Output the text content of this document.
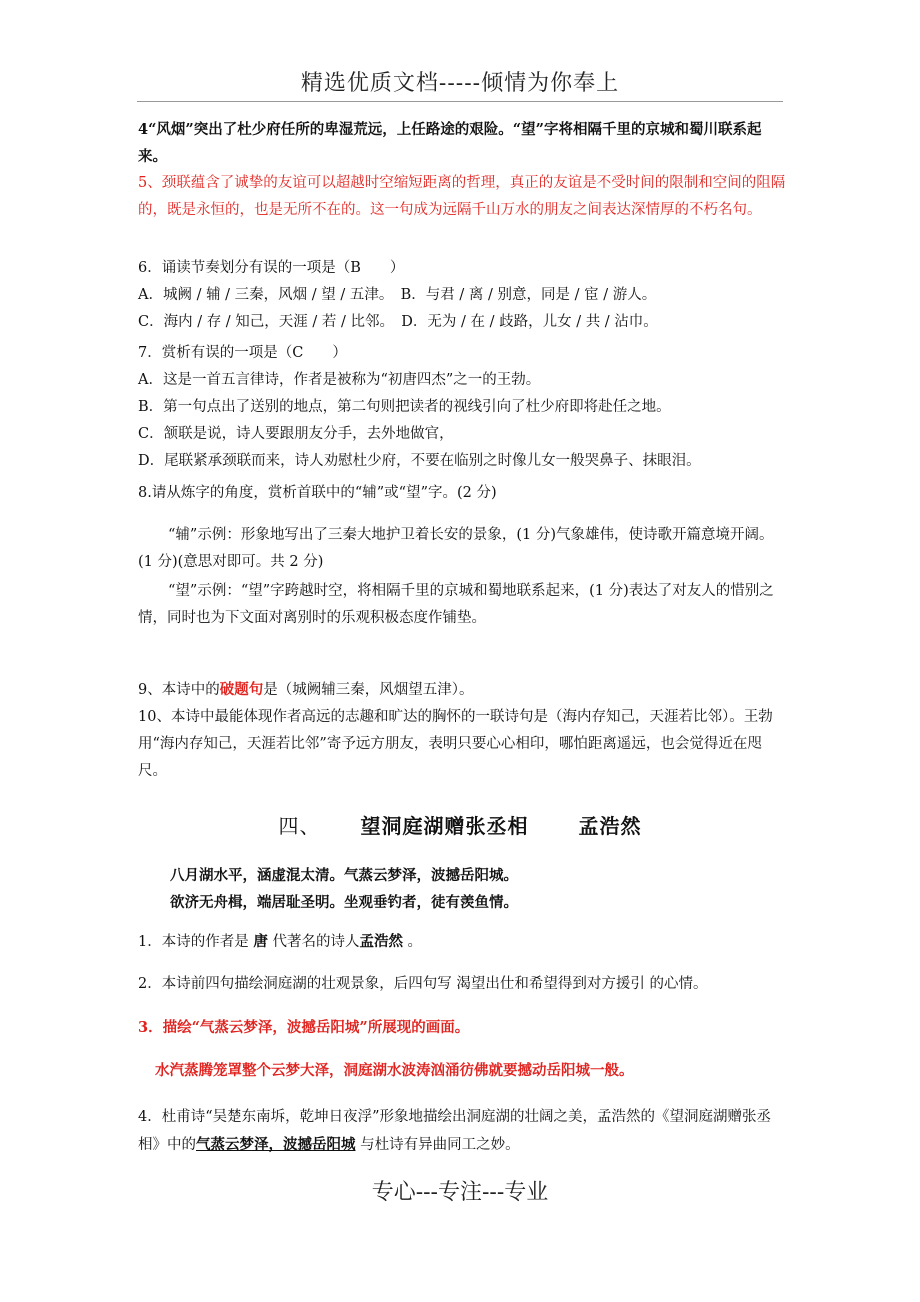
精选优质文档-----倾情为你奉上
4“风烟”突出了杜少府任所的卑湿荒远，上任路途的艰险。“望”字将相隔千里的京城和蜀川联系起来。
5、颈联蕴含了诚挚的友谊可以超越时空缩短距离的哲理，真正的友谊是不受时间的限制和空间的阻隔的，既是永恒的，也是无所不在的。这一句成为远隔千山万水的朋友之间表达深情厚的不朽名句。

6．诵读节奏划分有误的一项是（B　　）

A．城阙 / 辅 / 三秦，风烟 / 望 / 五津。　B．与君 / 离 / 别意，同是 / 宦 / 游人。

C．海内 / 存 / 知己，天涯 / 若 / 比邻。　D．无为 / 在 / 歧路，儿女 / 共 / 沾巾。

7．赏析有误的一项是（C　　）

A．这是一首五言律诗，作者是被称为“初唐四杰”之一的王勃。

B．第一句点出了送别的地点，第二句则把读者的视线引向了杜少府即将赴任之地。

C．颔联是说，诗人要跟朋友分手，去外地做官，

D．尾联紧承颈联而来，诗人劝慰杜少府，不要在临别之时像儿女一般哭鼻子、抹眼泪。

8.请从炼字的角度，赏析首联中的“辅”或“望”字。(2 分)
“辅”示例：形象地写出了三秦大地护卫着长安的景象，(1 分)气象雄伟，使诗歌开篇意境开阔。(1 分)(意思对即可。共 2 分)
“望”示例：“望”字跨越时空，将相隔千里的京城和蜀地联系起来，(1 分)表达了对友人的惜别之情，同时也为下文面对离别时的乐观积极态度作铺垫。
9、本诗中的破题句是（城阙辅三秦，风烟望五津）。
10、本诗中最能体现作者高远的志趣和旷达的胸怀的一联诗句是（海内存知己，天涯若比邻）。王勃用“海内存知己，天涯若比邻”寄予远方朋友，表明只要心心相印，哪怕距离遥远，也会觉得近在咫尺。
四、 望洞庭湖赠张丞相	孟浩然

八月湖水平，涵虚混太清。气蒸云梦泽，波撼岳阳城。

欲济无舟楫，端居耻圣明。坐观垂钓者，徒有羡鱼情。

1．本诗的作者是 唐 代著名的诗人孟浩然 。
2．本诗前四句描绘洞庭湖的壮观景象，后四句写 渴望出仕和希望得到对方援引 的心情。
3．描绘“气蒸云梦泽，波撼岳阳城”所展现的画面。
水汽蒸腾笼罩整个云梦大泽，洞庭湖水波涛汹涌彷佛就要撼动岳阳城一般。
4．杜甫诗“吴楚东南坼，乾坤日夜浮”形象地描绘出洞庭湖的壮阔之美，孟浩然的《望洞庭湖赠张丞相》中的气蒸云梦泽，波撼岳阳城 与杜诗有异曲同工之妙。
专心---专注---专业
